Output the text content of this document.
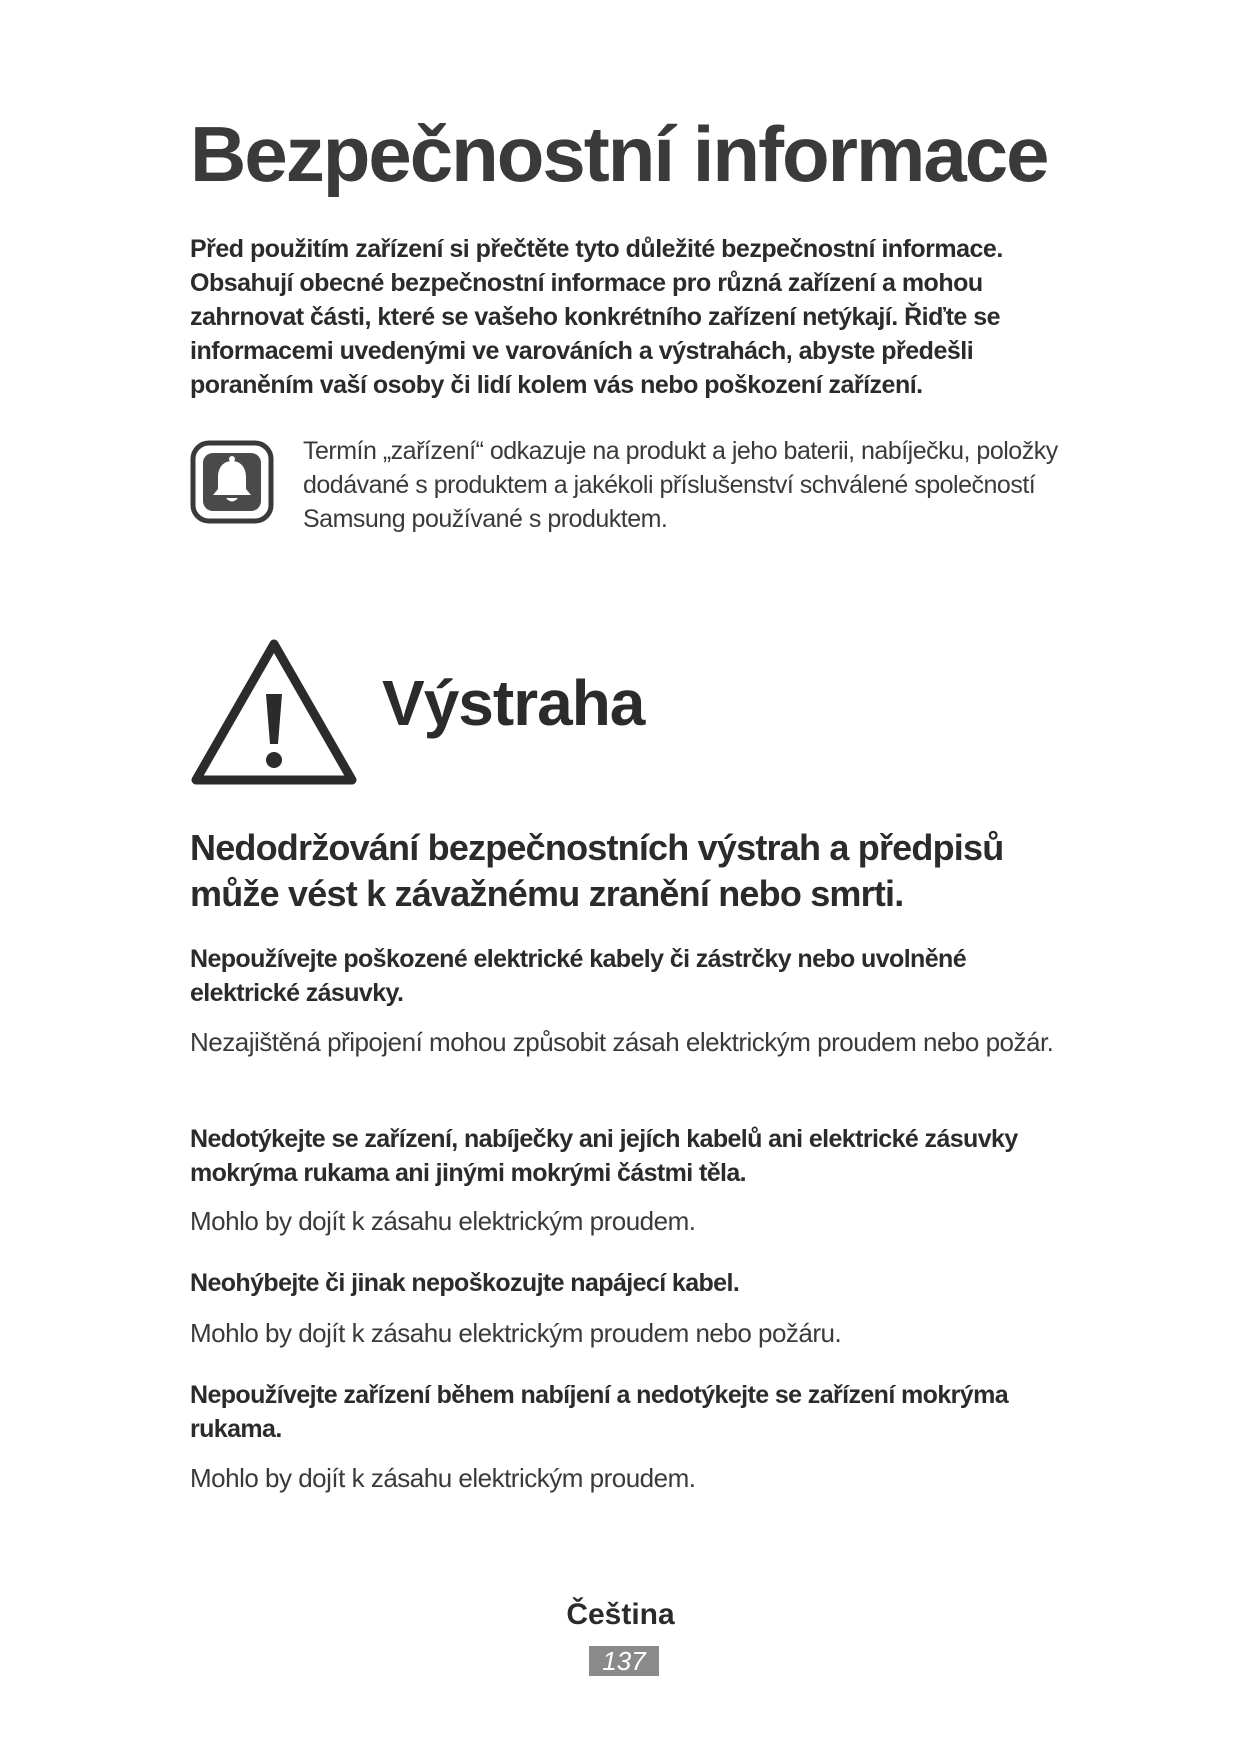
Bezpečnostní informace

Před použitím zařízení si přečtěte tyto důležité bezpečnostní informace. Obsahují obecné bezpečnostní informace pro různá zařízení a mohou zahrnovat části, které se vašeho konkrétního zařízení netýkají. Řiďte se informacemi uvedenými ve varováních a výstrahách, abyste předešli poraněním vaší osoby či lidí kolem vás nebo poškození zařízení.

Termín „zařízení“ odkazuje na produkt a jeho baterii, nabíječku, položky dodávané s produktem a jakékoli příslušenství schválené společností Samsung používané s produktem.

Výstraha
Nedodržování bezpečnostních výstrah a předpisů může vést k závažnému zranění nebo smrti.
Nepoužívejte poškozené elektrické kabely či zástrčky nebo uvolněné elektrické zásuvky.

Nezajištěná připojení mohou způsobit zásah elektrickým proudem nebo požár.

Nedotýkejte se zařízení, nabíječky ani jejích kabelů ani elektrické zásuvky mokrýma rukama ani jinými mokrými částmi těla.

Mohlo by dojít k zásahu elektrickým proudem.

Neohýbejte či jinak nepoškozujte napájecí kabel.

Mohlo by dojít k zásahu elektrickým proudem nebo požáru.

Nepoužívejte zařízení během nabíjení a nedotýkejte se zařízení mokrýma rukama.

Mohlo by dojít k zásahu elektrickým proudem.

Čeština

137
